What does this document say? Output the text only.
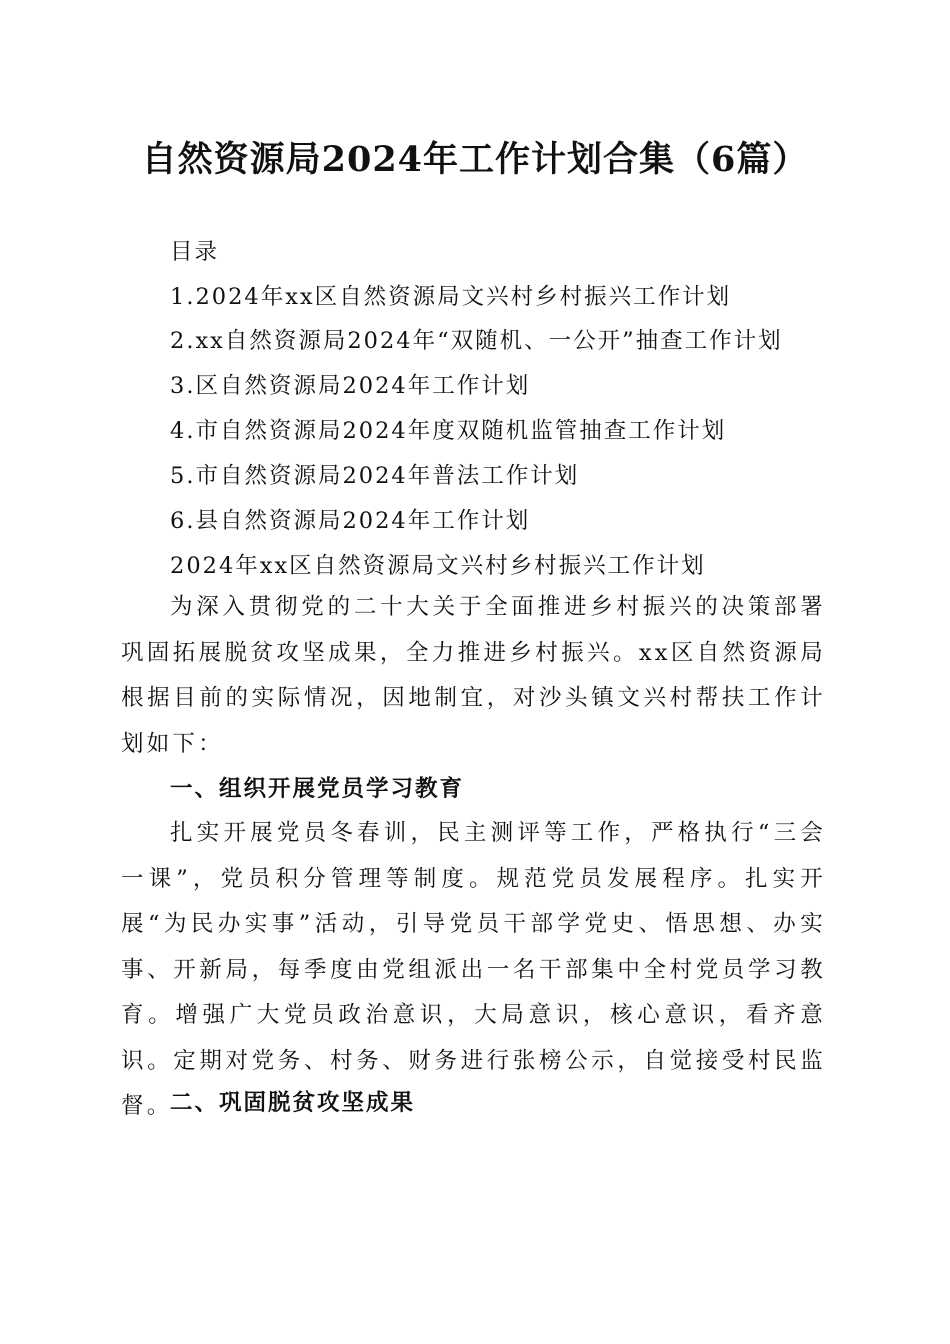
自然资源局2024年工作计划合集（6篇）
目录
1.2024年xx区自然资源局文兴村乡村振兴工作计划
2.xx自然资源局2024年“双随机、一公开”抽查工作计划
3.区自然资源局2024年工作计划
4.市自然资源局2024年度双随机监管抽查工作计划
5.市自然资源局2024年普法工作计划
6.县自然资源局2024年工作计划
2024年xx区自然资源局文兴村乡村振兴工作计划
为深入贯彻党的二十大关于全面推进乡村振兴的决策部署巩固拓展脱贫攻坚成果，全力推进乡村振兴。xx区自然资源局根据目前的实际情况，因地制宜，对沙头镇文兴村帮扶工作计划如下：
一、组织开展党员学习教育
扎实开展党员冬春训，民主测评等工作，严格执行“三会一课”，党员积分管理等制度。规范党员发展程序。扎实开展“为民办实事”活动，引导党员干部学党史、悟思想、办实事、开新局，每季度由党组派出一名干部集中全村党员学习教育。增强广大党员政治意识，大局意识，核心意识，看齐意识。定期对党务、村务、财务进行张榜公示，自觉接受村民监督。
二、巩固脱贫攻坚成果
